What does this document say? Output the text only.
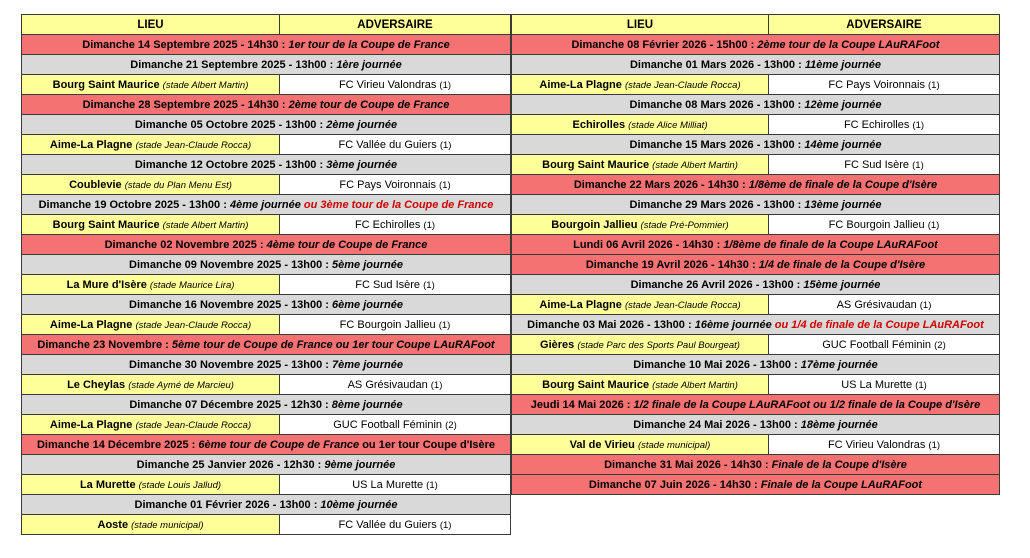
LIEU	ADVERSAIRE
Dimanche 14 Septembre 2025 - 14h30 : 1er tour de la Coupe de France	
Dimanche 21 Septembre 2025 - 13h00 : 1ère journée	
Bourg Saint Maurice (stade Albert Martin)	FC Virieu Valondras (1)
Dimanche 28 Septembre 2025 - 14h30 : 2ème tour de Coupe de France	
Dimanche 05 Octobre 2025 - 13h00 : 2ème journée	
Aime-La Plagne (stade Jean-Claude Rocca)	FC Vallée du Guiers (1)
Dimanche 12 Octobre 2025 - 13h00 : 3ème journée	
Coublevie (stade du Plan Menu Est)	FC Pays Voironnais (1)
Dimanche 19 Octobre 2025 - 13h00 : 4ème journée ou 3ème tour de la Coupe de France	
Bourg Saint Maurice (stade Albert Martin)	FC Echirolles (1)
Dimanche 02 Novembre 2025 : 4ème tour de Coupe de France	
Dimanche 09 Novembre 2025 - 13h00 : 5ème journée	
La Mure d'Isère (stade Maurice Lira)	FC Sud Isère (1)
Dimanche 16 Novembre 2025 - 13h00 : 6ème journée	
Aime-La Plagne (stade Jean-Claude Rocca)	FC Bourgoin Jallieu (1)
Dimanche 23 Novembre : 5ème tour de Coupe de France ou 1er tour Coupe LAuRAFoot	
Dimanche 30 Novembre 2025 - 13h00 : 7ème journée	
Le Cheylas (stade Aymé de Marcieu)	AS Grésivaudan (1)
Dimanche 07 Décembre 2025 - 12h30 : 8ème journée	
Aime-La Plagne (stade Jean-Claude Rocca)	GUC Football Féminin (2)
Dimanche 14 Décembre 2025 : 6ème tour de Coupe de France ou 1er tour Coupe d'Isère	
Dimanche 25 Janvier 2026 - 12h30 : 9ème journée	
La Murette (stade Louis Jallud)	US La Murette (1)
Dimanche 01 Février 2026 - 13h00 : 10ème journée	
Aoste (stade municipal)	FC Vallée du Guiers (1)
LIEU	ADVERSAIRE
Dimanche 08 Février 2026 - 15h00 : 2ème tour de la Coupe LAuRAFoot	
Dimanche 01 Mars 2026 - 13h00 : 11ème journée	
Aime-La Plagne (stade Jean-Claude Rocca)	FC Pays Voironnais (1)
Dimanche 08 Mars 2026 - 13h00 : 12ème journée	
Echirolles (stade Alice Milliat)	FC Echirolles (1)
Dimanche 15 Mars 2026 - 13h00 : 14ème journée	
Bourg Saint Maurice (stade Albert Martin)	FC Sud Isère (1)
Dimanche 22 Mars 2026 - 14h30 : 1/8ème de finale de la Coupe d'Isère	
Dimanche 29 Mars 2026 - 13h00 : 13ème journée	
Bourgoin Jallieu (stade Pré-Pommier)	FC Bourgoin Jallieu (1)
Lundi 06 Avril 2026 - 14h30 : 1/8ème de finale de la Coupe LAuRAFoot	
Dimanche 19 Avril 2026 - 14h30 : 1/4 de finale de la Coupe d'Isère	
Dimanche 26 Avril 2026 - 13h00 : 15ème journée	
Aime-La Plagne (stade Jean-Claude Rocca)	AS Grésivaudan (1)
Dimanche 03 Mai 2026 - 13h00 : 16ème journée ou 1/4 de finale de la Coupe LAuRAFoot	
Gières (stade Parc des Sports Paul Bourgeat)	GUC Football Féminin (2)
Dimanche 10 Mai 2026 - 13h00 : 17ème journée	
Bourg Saint Maurice (stade Albert Martin)	US La Murette (1)
Jeudi 14 Mai 2026 : 1/2 finale de la Coupe LAuRAFoot ou 1/2 finale de la Coupe d'Isère	
Dimanche 24 Mai 2026 - 13h00 : 18ème journée	
Val de Virieu (stade municipal)	FC Virieu Valondras (1)
Dimanche 31 Mai 2026 - 14h30 : Finale de la Coupe d'Isère	
Dimanche 07 Juin 2026 - 14h30 : Finale de la Coupe LAuRAFoot	
